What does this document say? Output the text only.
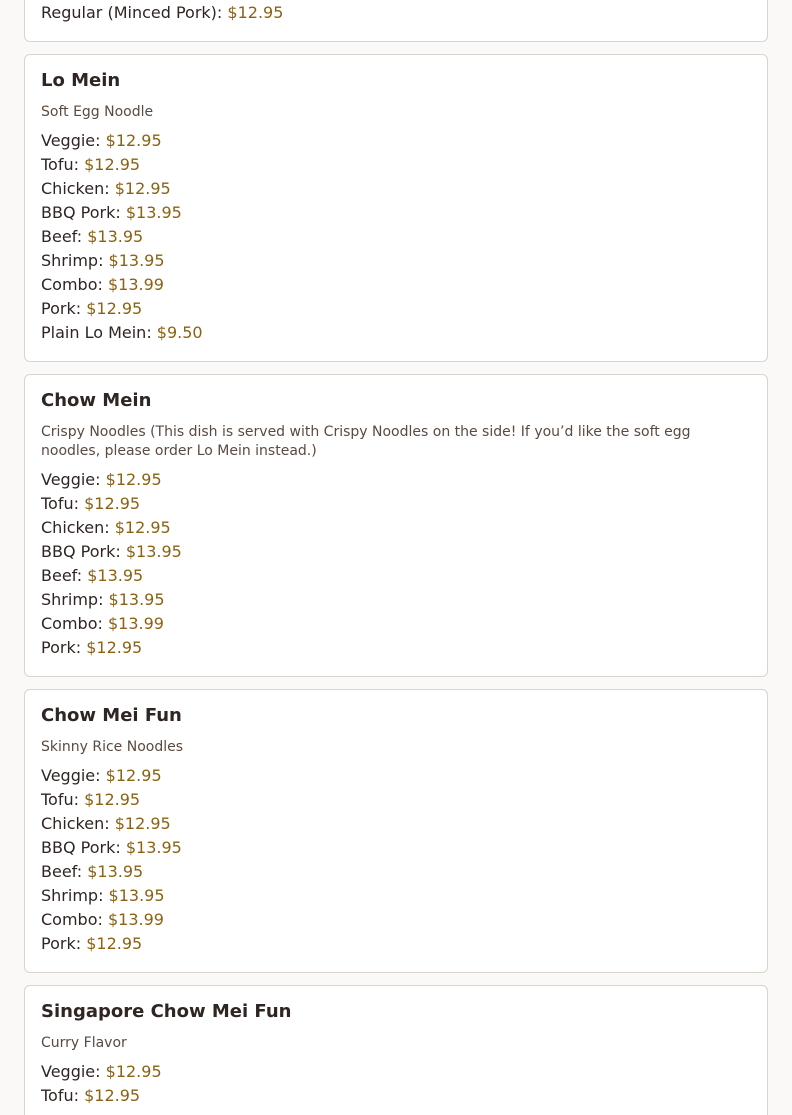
Regular (Minced Pork): $12.95
Lo Mein
Soft Egg Noodle
Veggie: $12.95
Tofu: $12.95
Chicken: $12.95
BBQ Pork: $13.95
Beef: $13.95
Shrimp: $13.95
Combo: $13.99
Pork: $12.95
Plain Lo Mein: $9.50
Chow Mein
Crispy Noodles (This dish is served with Crispy Noodles on the side! If you’d like the soft egg noodles, please order Lo Mein instead.)
Veggie: $12.95
Tofu: $12.95
Chicken: $12.95
BBQ Pork: $13.95
Beef: $13.95
Shrimp: $13.95
Combo: $13.99
Pork: $12.95
Chow Mei Fun
Skinny Rice Noodles
Veggie: $12.95
Tofu: $12.95
Chicken: $12.95
BBQ Pork: $13.95
Beef: $13.95
Shrimp: $13.95
Combo: $13.99
Pork: $12.95
Singapore Chow Mei Fun
Curry Flavor
Veggie: $12.95
Tofu: $12.95
